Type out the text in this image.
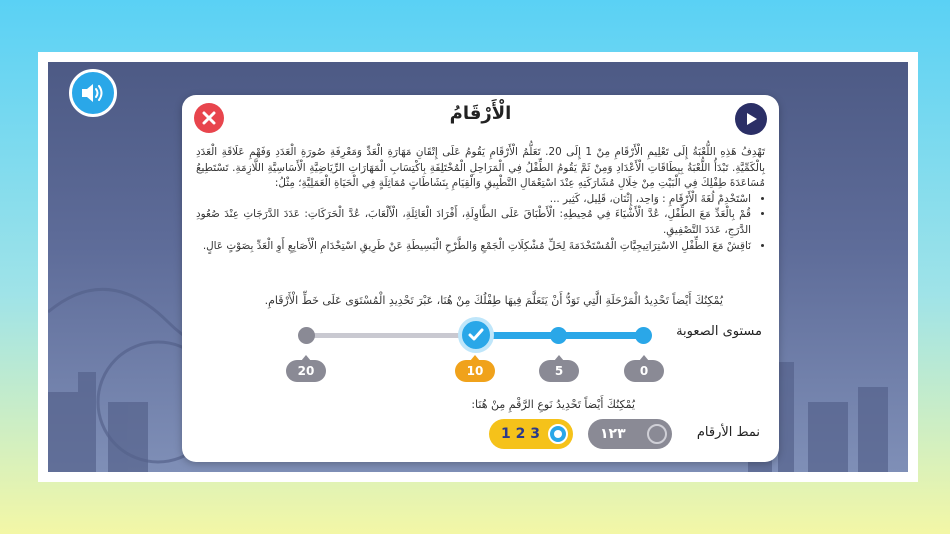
الْأَرْقَامُ

تَهْدِفُ هَذِهِ اللُّعْبَةُ إِلَى تَعْلِيمِ الْأَرْقَامِ مِنْ 1 إِلَى 20. تَعَلُّمُ الْأَرْقَامِ يَقُومُ عَلَى إِتْقَانِ مَهَارَةِ الْعَدِّ وَمَعْرِفَةِ صُورَةِ الْعَدَدِ وَفَهْمِ عَلَاقَةِ الْعَدَدِ بِالْكَمِّيَّةِ. تَبْدَأُ اللُّعْبَةُ بِبِطَاقَاتِ الْأَعْدَادِ وَمِنْ ثَمَّ يَقُومُ الطِّفْلُ فِي الْمَرَاحِلِ الْمُخْتَلِفَةِ بِاكْتِسَابِ الْمَهَارَاتِ الرِّيَاضِيَّةِ الْأَسَاسِيَّةِ اللَّازِمَةِ. تَسْتَطِيعُ مُسَاعَدَةَ طِفْلِكَ فِي الْبَيْتِ مِنْ خِلَالِ مُشَارَكَتِهِ عِنْدَ اسْتِعْمَالِ التَّطْبِيقِ وَالْقِيَامِ بِنَشَاطَاتٍ مُمَاثِلَةٍ فِي الْحَيَاةِ الْعَمَلِيَّةِ؛ مِثْلُ:

• اسْتَخْدِمْ لُغَةَ الْأَرْقَامِ : وَاحِد، إِثْنَان، قَلِيل، كَثِير ...
• قُمْ بِالْعَدِّ مَعَ الطِّفْلِ، عُدَّ الْأَشْيَاءَ فِي مُحِيطِهِ: الْأَطْبَاقَ عَلَى الطَّاوِلَةِ، أَفْرَادَ الْعَائِلَةِ، الْأَلْعَابَ، عُدَّ الْحَرَكَاتِ: عَدَدَ الدَّرَجَاتِ عِنْدَ صُعُودِ الدَّرَجِ، عَدَدَ التَّصْفِيقِ.
• نَاقِشْ مَعَ الطِّفْلِ الاسْتِرَاتِيجِيَّاتِ الْمُسْتَخْدَمَةَ لِحَلِّ مُشْكِلَاتِ الْجَمْعِ وَالطَّرْحِ الْبَسِيطَةِ عَنْ طَرِيقِ اسْتِخْدَامِ الْأَصَابِعِ أَوِ الْعَدِّ بِصَوْتٍ عَالٍ.
يُمْكِنُكَ أَيْضاً تَحْدِيدُ الْمَرْحَلَةِ الَّتِي تَوَدُّ أَنْ يَتَعَلَّمَ فِيهَا طِفْلُكَ مِنْ هُنَا، عَبْرَ تَحْدِيدِ الْمُسْتَوَى عَلَى خَطِّ الْأَرْقَامِ.
مستوى الصعوبة
20	10	5	0
يُمْكِنُكَ أَيْضاً تَحْدِيدُ نَوعِ الرَّقْمِ مِنْ هُنَا:
نمط الأرقام
١٢٣
1 2 3
